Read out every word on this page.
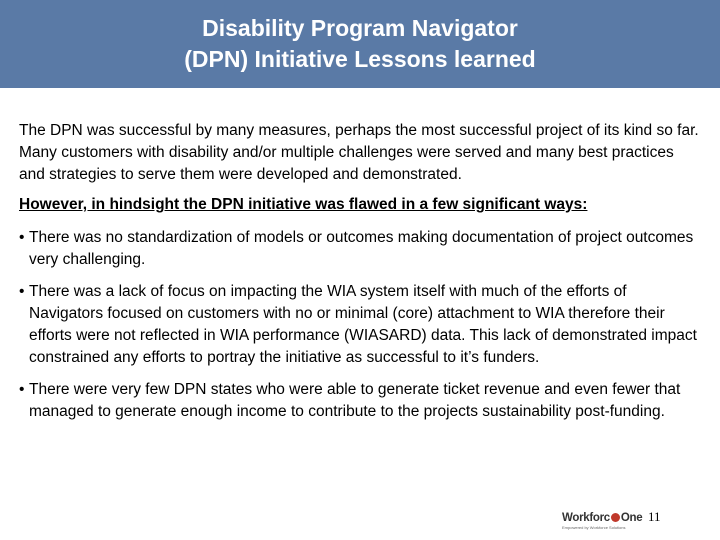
Disability Program Navigator
(DPN) Initiative Lessons learned

The DPN was successful by many measures, perhaps the most successful project of its kind so far. Many customers with disability and/or multiple challenges were served and many best practices and strategies to serve them were developed and demonstrated.

However, in hindsight the DPN initiative was flawed in a few significant ways:

• There was no standardization of models or outcomes making documentation of project outcomes very challenging.
• There was a lack of focus on impacting the WIA system itself with much of the efforts of Navigators focused on customers with no or minimal (core) attachment to WIA therefore their efforts were not reflected in WIA performance (WIASARD) data. This lack of demonstrated impact constrained any efforts to portray the initiative as successful to it’s funders.
• There were very few DPN states who were able to generate ticket revenue and even fewer that managed to generate enough income to contribute to the projects sustainability post-funding.
Workforc One
Empowered by Workforce Solutions
11
